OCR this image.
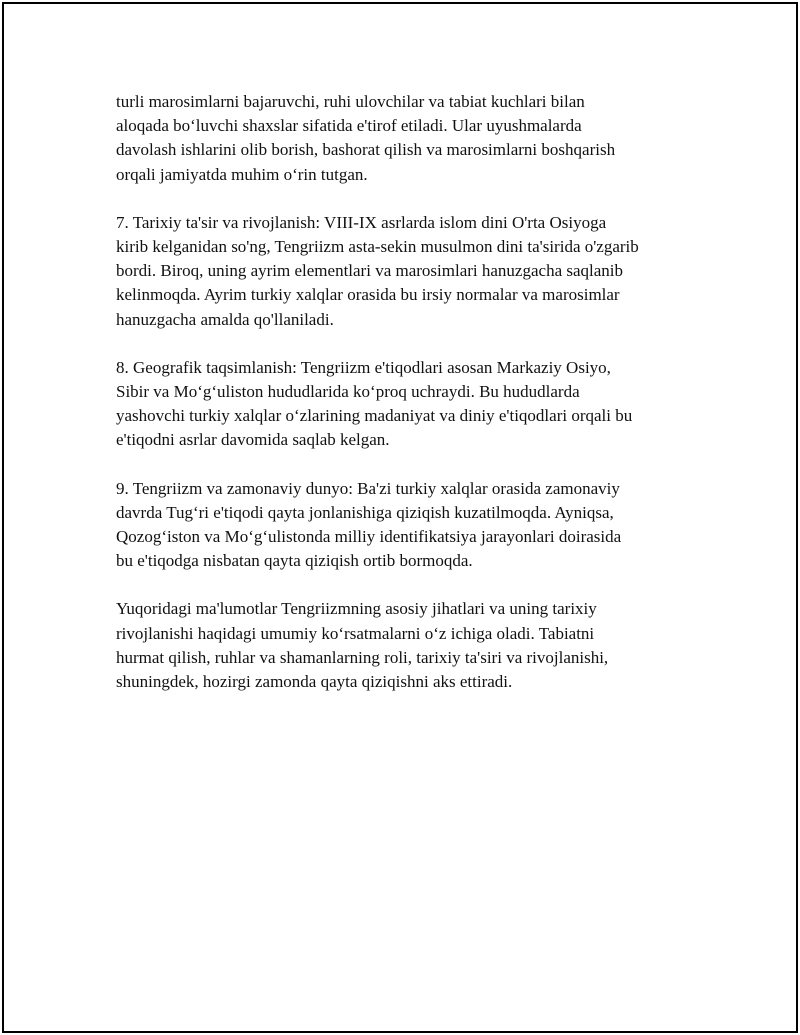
turli marosimlarni bajaruvchi, ruhi ulovchilar va tabiat kuchlari bilan
aloqada bo‘luvchi shaxslar sifatida e'tirof etiladi. Ular uyushmalarda
davolash ishlarini olib borish, bashorat qilish va marosimlarni boshqarish
orqali jamiyatda muhim o‘rin tutgan.

7. Tarixiy ta'sir va rivojlanish: VIII-IX asrlarda islom dini O'rta Osiyoga
kirib kelganidan so'ng, Tengriizm asta-sekin musulmon dini ta'sirida o'zgarib
bordi. Biroq, uning ayrim elementlari va marosimlari hanuzgacha saqlanib
kelinmoqda. Ayrim turkiy xalqlar orasida bu irsiy normalar va marosimlar
hanuzgacha amalda qo'llaniladi.

8. Geografik taqsimlanish: Tengriizm e'tiqodlari asosan Markaziy Osiyo,
Sibir va Mo‘g‘uliston hududlarida ko‘proq uchraydi. Bu hududlarda
yashovchi turkiy xalqlar o‘zlarining madaniyat va diniy e'tiqodlari orqali bu
e'tiqodni asrlar davomida saqlab kelgan.

9. Tengriizm va zamonaviy dunyo: Ba'zi turkiy xalqlar orasida zamonaviy
davrda Tug‘ri e'tiqodi qayta jonlanishiga qiziqish kuzatilmoqda. Ayniqsa,
Qozog‘iston va Mo‘g‘ulistonda milliy identifikatsiya jarayonlari doirasida
bu e'tiqodga nisbatan qayta qiziqish ortib bormoqda.

Yuqoridagi ma'lumotlar Tengriizmning asosiy jihatlari va uning tarixiy
rivojlanishi haqidagi umumiy ko‘rsatmalarni o‘z ichiga oladi. Tabiatni
hurmat qilish, ruhlar va shamanlarning roli, tarixiy ta'siri va rivojlanishi,
shuningdek, hozirgi zamonda qayta qiziqishni aks ettiradi.
